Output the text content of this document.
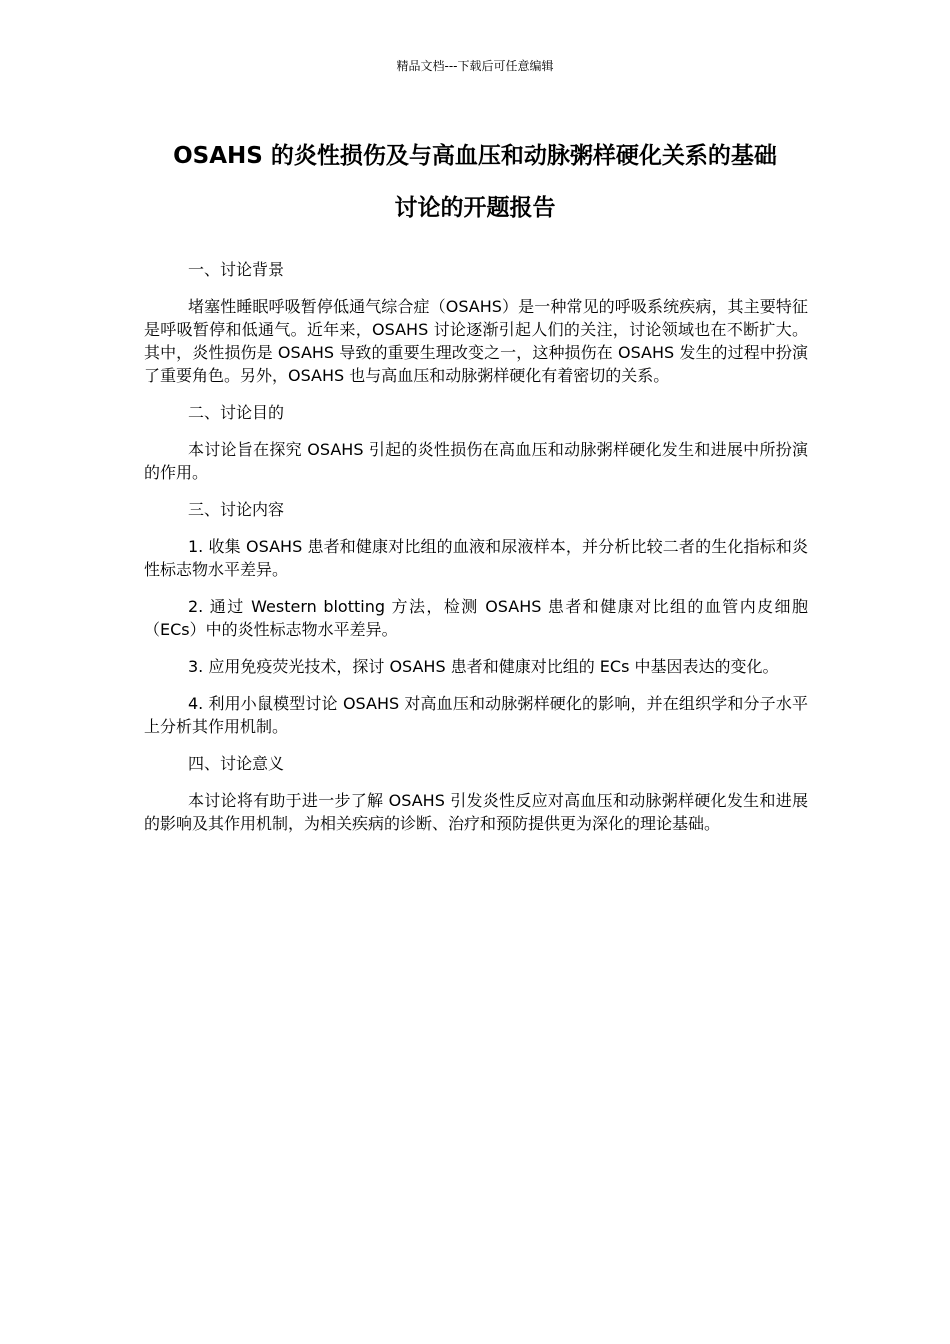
精品文档---下载后可任意编辑
OSAHS 的炎性损伤及与高血压和动脉粥样硬化关系的基础
讨论的开题报告

一、讨论背景

堵塞性睡眠呼吸暂停低通气综合症（OSAHS）是一种常见的呼吸系统疾病，其主要特征是呼吸暂停和低通气。近年来，OSAHS 讨论逐渐引起人们的关注，讨论领域也在不断扩大。其中，炎性损伤是 OSAHS 导致的重要生理改变之一，这种损伤在 OSAHS 发生的过程中扮演了重要角色。另外，OSAHS 也与高血压和动脉粥样硬化有着密切的关系。

二、讨论目的

本讨论旨在探究 OSAHS 引起的炎性损伤在高血压和动脉粥样硬化发生和进展中所扮演的作用。

三、讨论内容

1. 收集 OSAHS 患者和健康对比组的血液和尿液样本，并分析比较二者的生化指标和炎性标志物水平差异。

2. 通过 Western blotting 方法，检测 OSAHS 患者和健康对比组的血管内皮细胞（ECs）中的炎性标志物水平差异。

3. 应用免疫荧光技术，探讨 OSAHS 患者和健康对比组的 ECs 中基因表达的变化。

4. 利用小鼠模型讨论 OSAHS 对高血压和动脉粥样硬化的影响，并在组织学和分子水平上分析其作用机制。

四、讨论意义

本讨论将有助于进一步了解 OSAHS 引发炎性反应对高血压和动脉粥样硬化发生和进展的影响及其作用机制，为相关疾病的诊断、治疗和预防提供更为深化的理论基础。
